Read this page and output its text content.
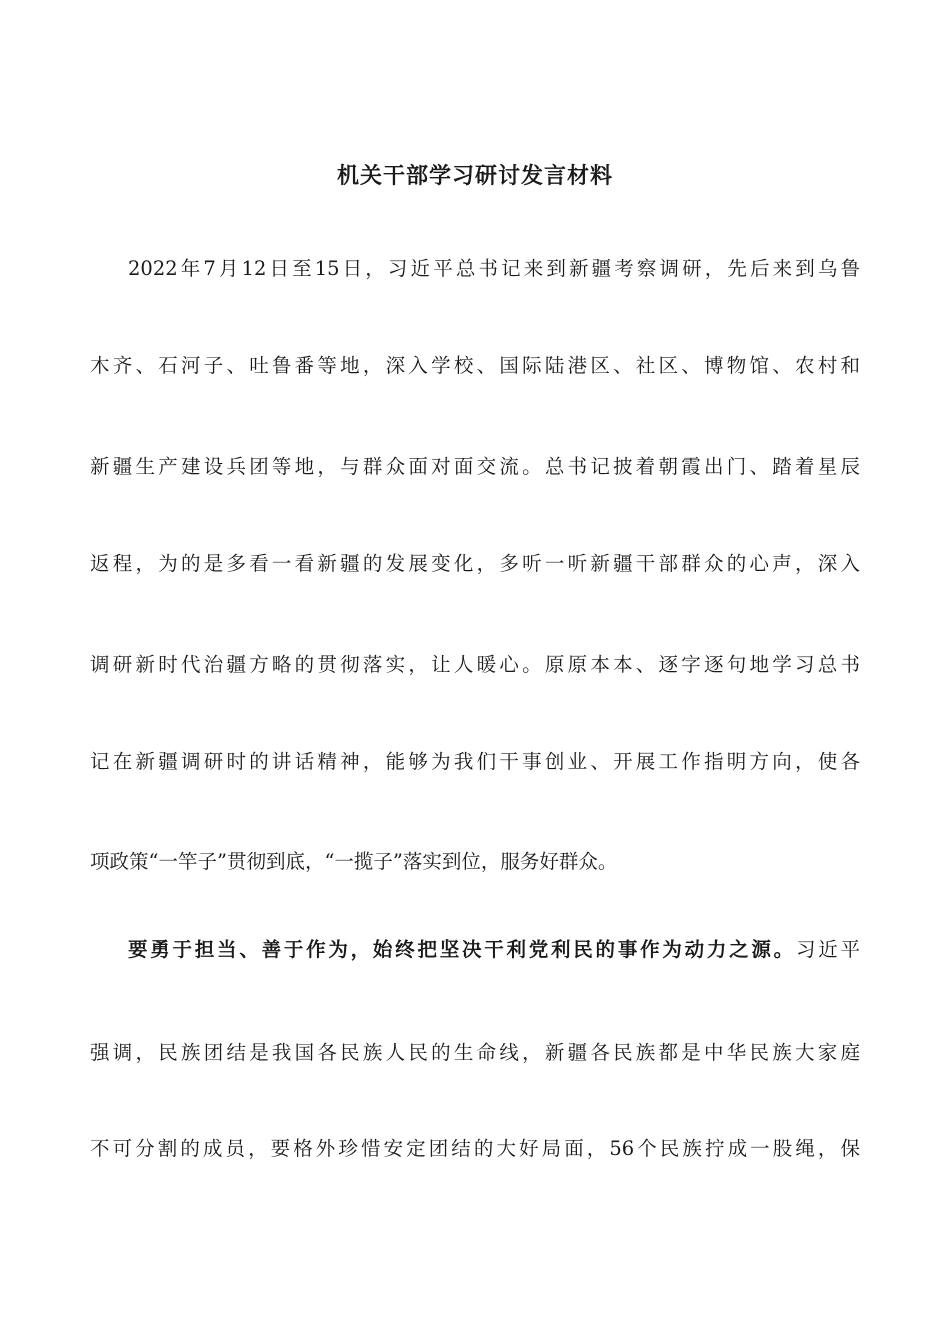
机关干部学习研讨发言材料
2022年7月12日至15日，习近平总书记来到新疆考察调研，先后来到乌鲁
木齐、石河子、吐鲁番等地，深入学校、国际陆港区、社区、博物馆、农村和
新疆生产建设兵团等地，与群众面对面交流。总书记披着朝霞出门、踏着星辰
返程，为的是多看一看新疆的发展变化，多听一听新疆干部群众的心声，深入
调研新时代治疆方略的贯彻落实，让人暖心。原原本本、逐字逐句地学习总书
记在新疆调研时的讲话精神，能够为我们干事创业、开展工作指明方向，使各
项政策“一竿子”贯彻到底，“一揽子”落实到位，服务好群众。
要勇于担当、善于作为，始终把坚决干利党利民的事作为动力之源。习近平
强调，民族团结是我国各民族人民的生命线，新疆各民族都是中华民族大家庭
不可分割的成员，要格外珍惜安定团结的大好局面，56个民族拧成一股绳，保
